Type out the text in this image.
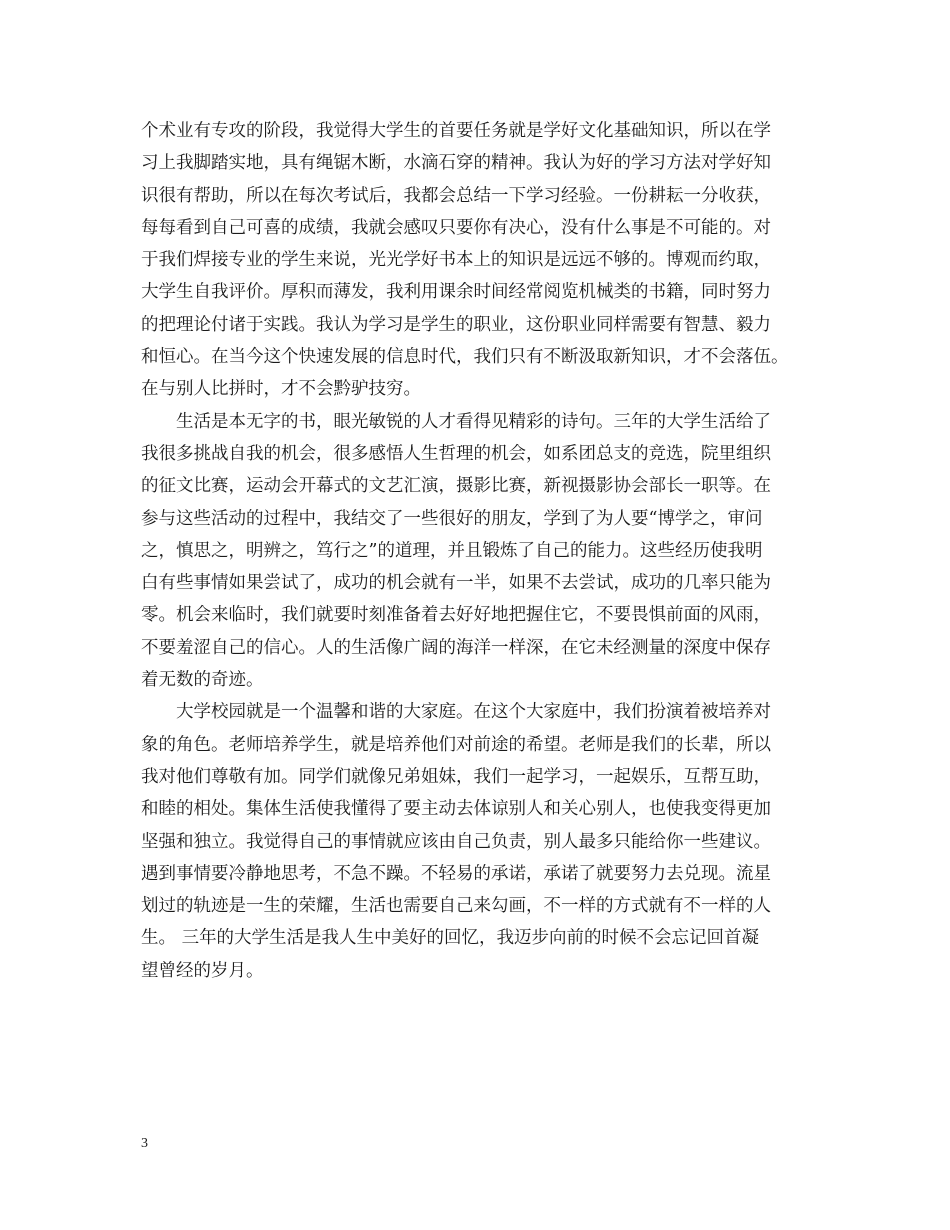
个术业有专攻的阶段，我觉得大学生的首要任务就是学好文化基础知识，所以在学
习上我脚踏实地，具有绳锯木断，水滴石穿的精神。我认为好的学习方法对学好知
识很有帮助，所以在每次考试后，我都会总结一下学习经验。一份耕耘一分收获，
每每看到自己可喜的成绩，我就会感叹只要你有决心，没有什么事是不可能的。对
于我们焊接专业的学生来说，光光学好书本上的知识是远远不够的。博观而约取，
大学生自我评价。厚积而薄发，我利用课余时间经常阅览机械类的书籍，同时努力
的把理论付诸于实践。我认为学习是学生的职业，这份职业同样需要有智慧、毅力
和恒心。在当今这个快速发展的信息时代，我们只有不断汲取新知识，才不会落伍。
在与别人比拼时，才不会黔驴技穷。
生活是本无字的书，眼光敏锐的人才看得见精彩的诗句。三年的大学生活给了
我很多挑战自我的机会，很多感悟人生哲理的机会，如系团总支的竞选，院里组织
的征文比赛，运动会开幕式的文艺汇演，摄影比赛，新视摄影协会部长一职等。在
参与这些活动的过程中，我结交了一些很好的朋友，学到了为人要“博学之，审问
之，慎思之，明辨之，笃行之”的道理，并且锻炼了自己的能力。这些经历使我明
白有些事情如果尝试了，成功的机会就有一半，如果不去尝试，成功的几率只能为
零。机会来临时，我们就要时刻准备着去好好地把握住它，不要畏惧前面的风雨，
不要羞涩自己的信心。人的生活像广阔的海洋一样深，在它未经测量的深度中保存
着无数的奇迹。
大学校园就是一个温馨和谐的大家庭。在这个大家庭中，我们扮演着被培养对
象的角色。老师培养学生，就是培养他们对前途的希望。老师是我们的长辈，所以
我对他们尊敬有加。同学们就像兄弟姐妹，我们一起学习，一起娱乐，互帮互助，
和睦的相处。集体生活使我懂得了要主动去体谅别人和关心别人，也使我变得更加
坚强和独立。我觉得自己的事情就应该由自己负责，别人最多只能给你一些建议。
遇到事情要冷静地思考，不急不躁。不轻易的承诺，承诺了就要努力去兑现。流星
划过的轨迹是一生的荣耀，生活也需要自己来勾画，不一样的方式就有不一样的人
生。 三年的大学生活是我人生中美好的回忆，我迈步向前的时候不会忘记回首凝
望曾经的岁月。
3
